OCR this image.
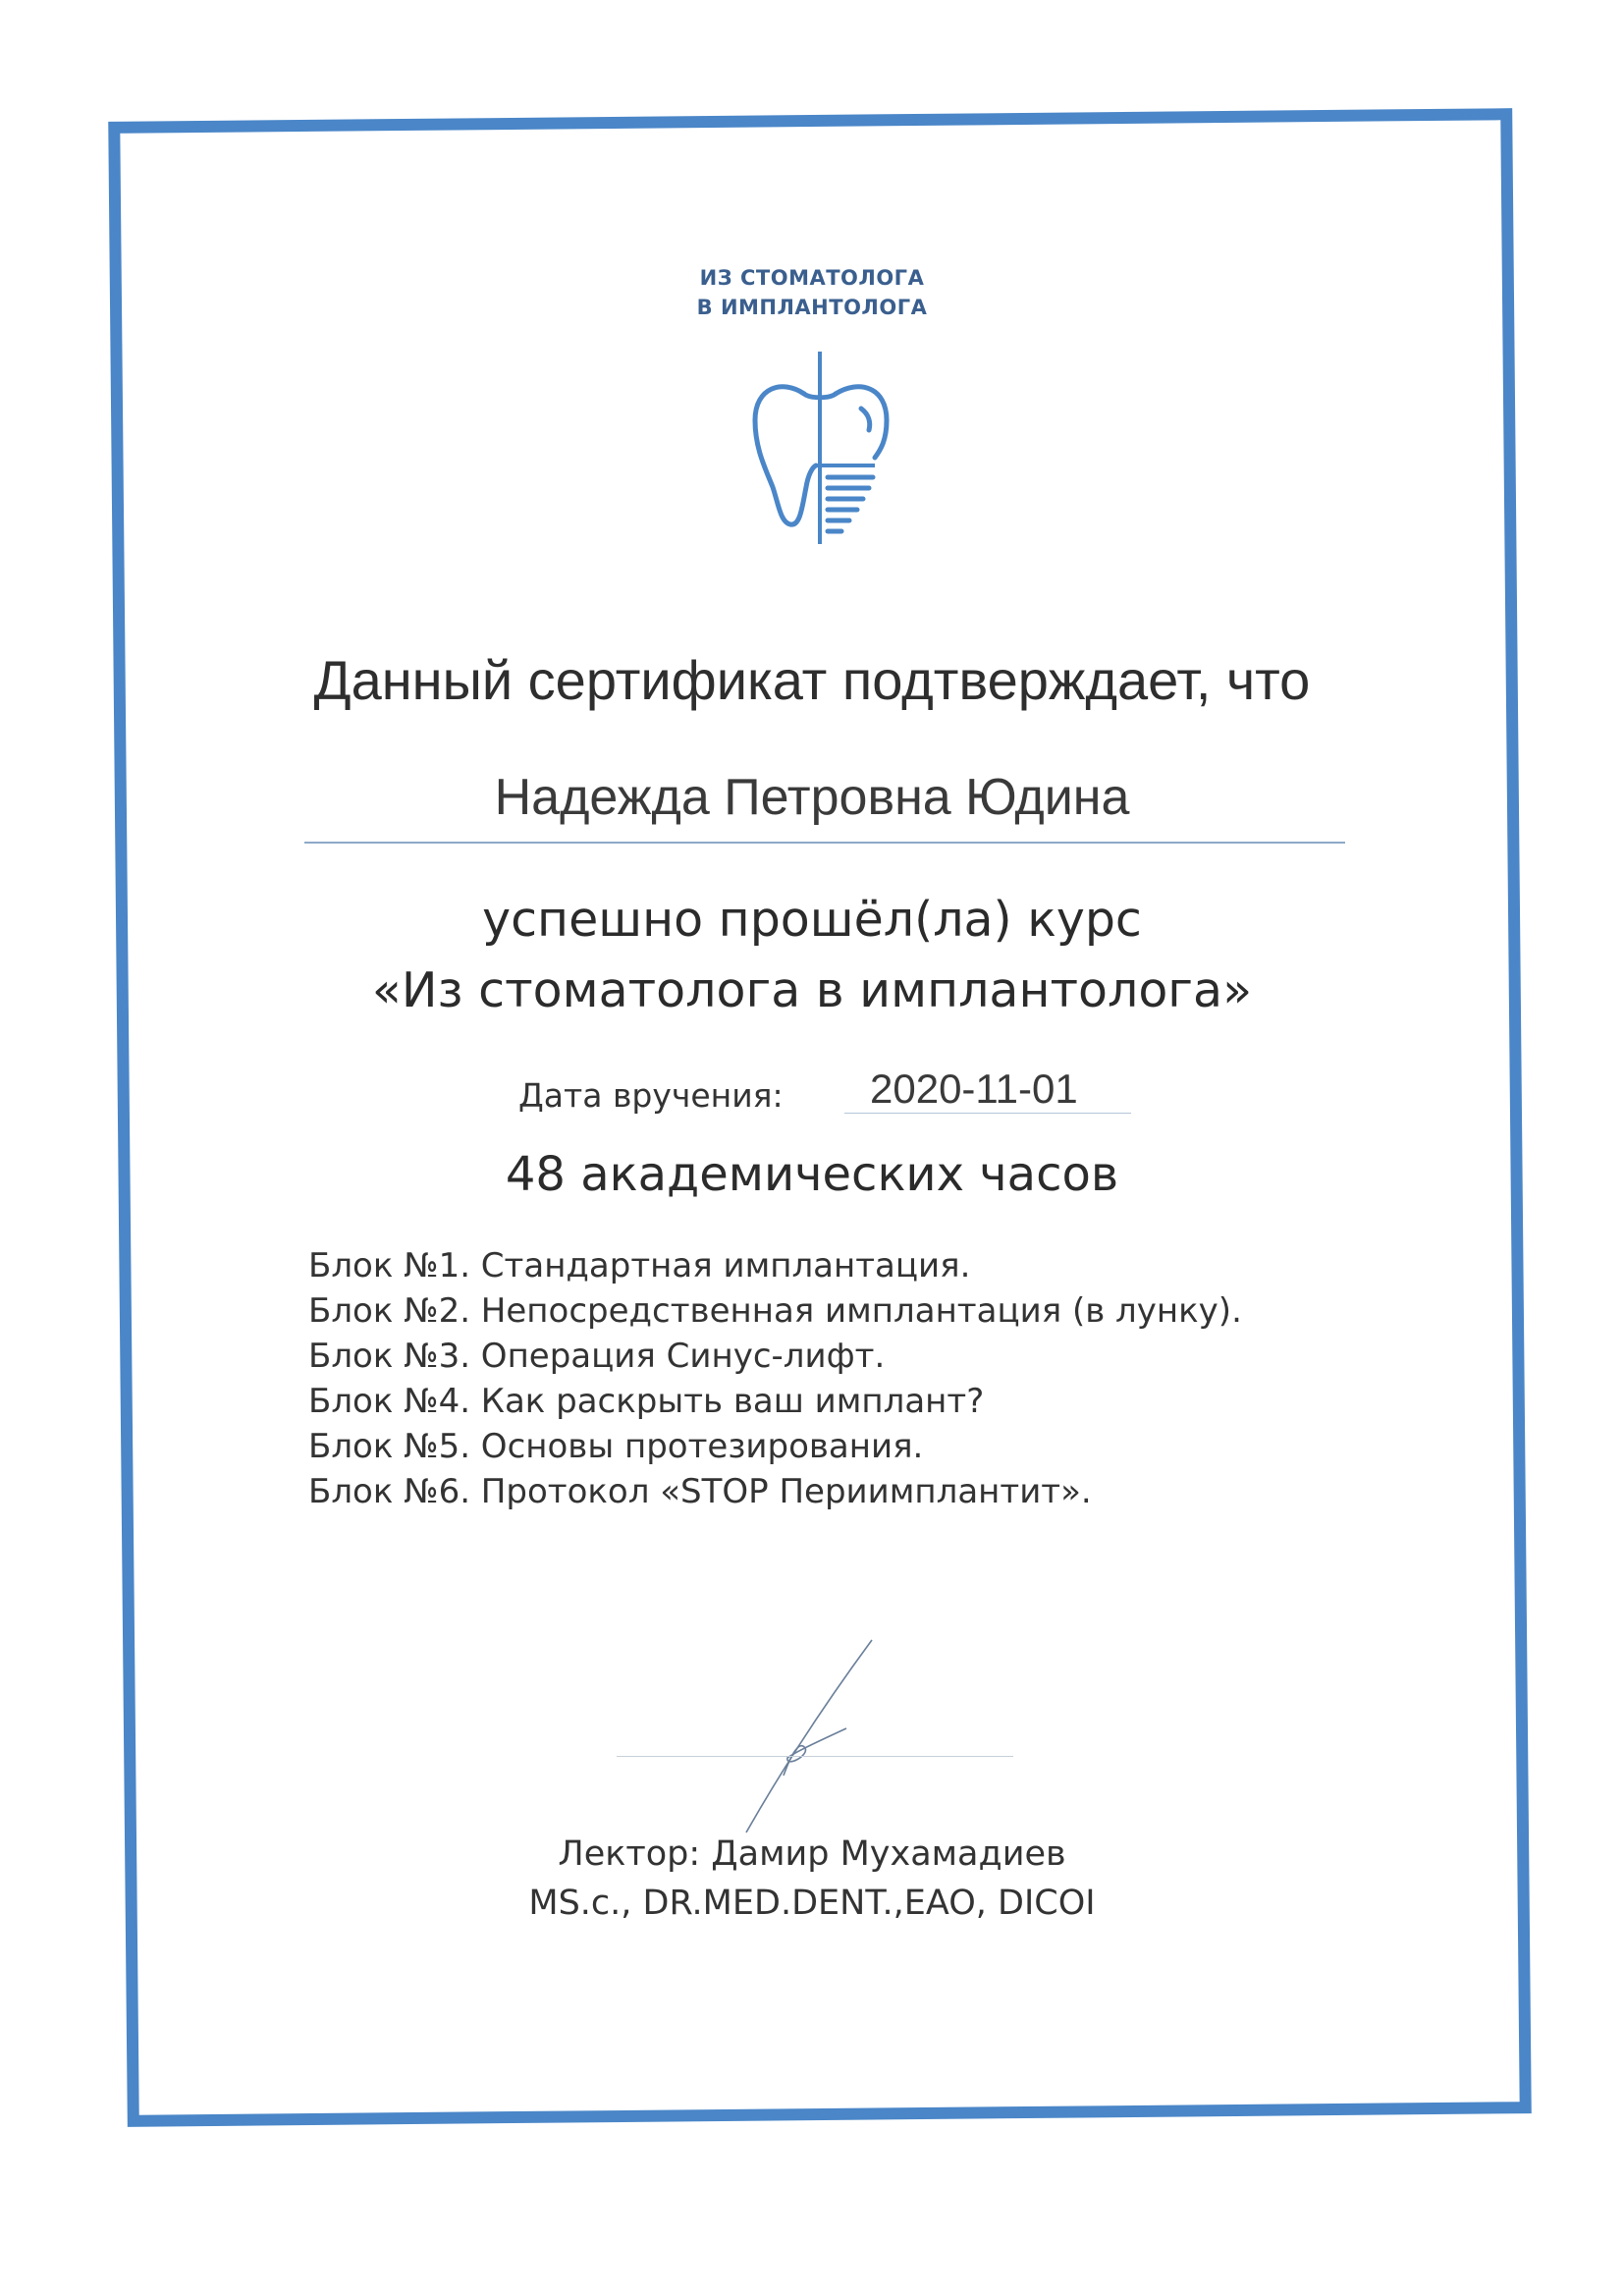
ИЗ СТОМАТОЛОГА
В ИМПЛАНТОЛОГА
Данный сертификат подтверждает, что
Надежда Петровна Юдина
успешно прошёл(ла) курс
«Из стоматолога в имплантолога»
Дата вручения: 2020-11-01
48 академических часов
Блок №1. Стандартная имплантация.
Блок №2. Непосредственная имплантация (в лунку).
Блок №3. Операция Синус-лифт.
Блок №4. Как раскрыть ваш имплант?
Блок №5. Основы протезирования.
Блок №6. Протокол «STOP Периимплантит».
Лектор: Дамир Мухамадиев
MS.c., DR.MED.DENT.,EAO, DICOI
